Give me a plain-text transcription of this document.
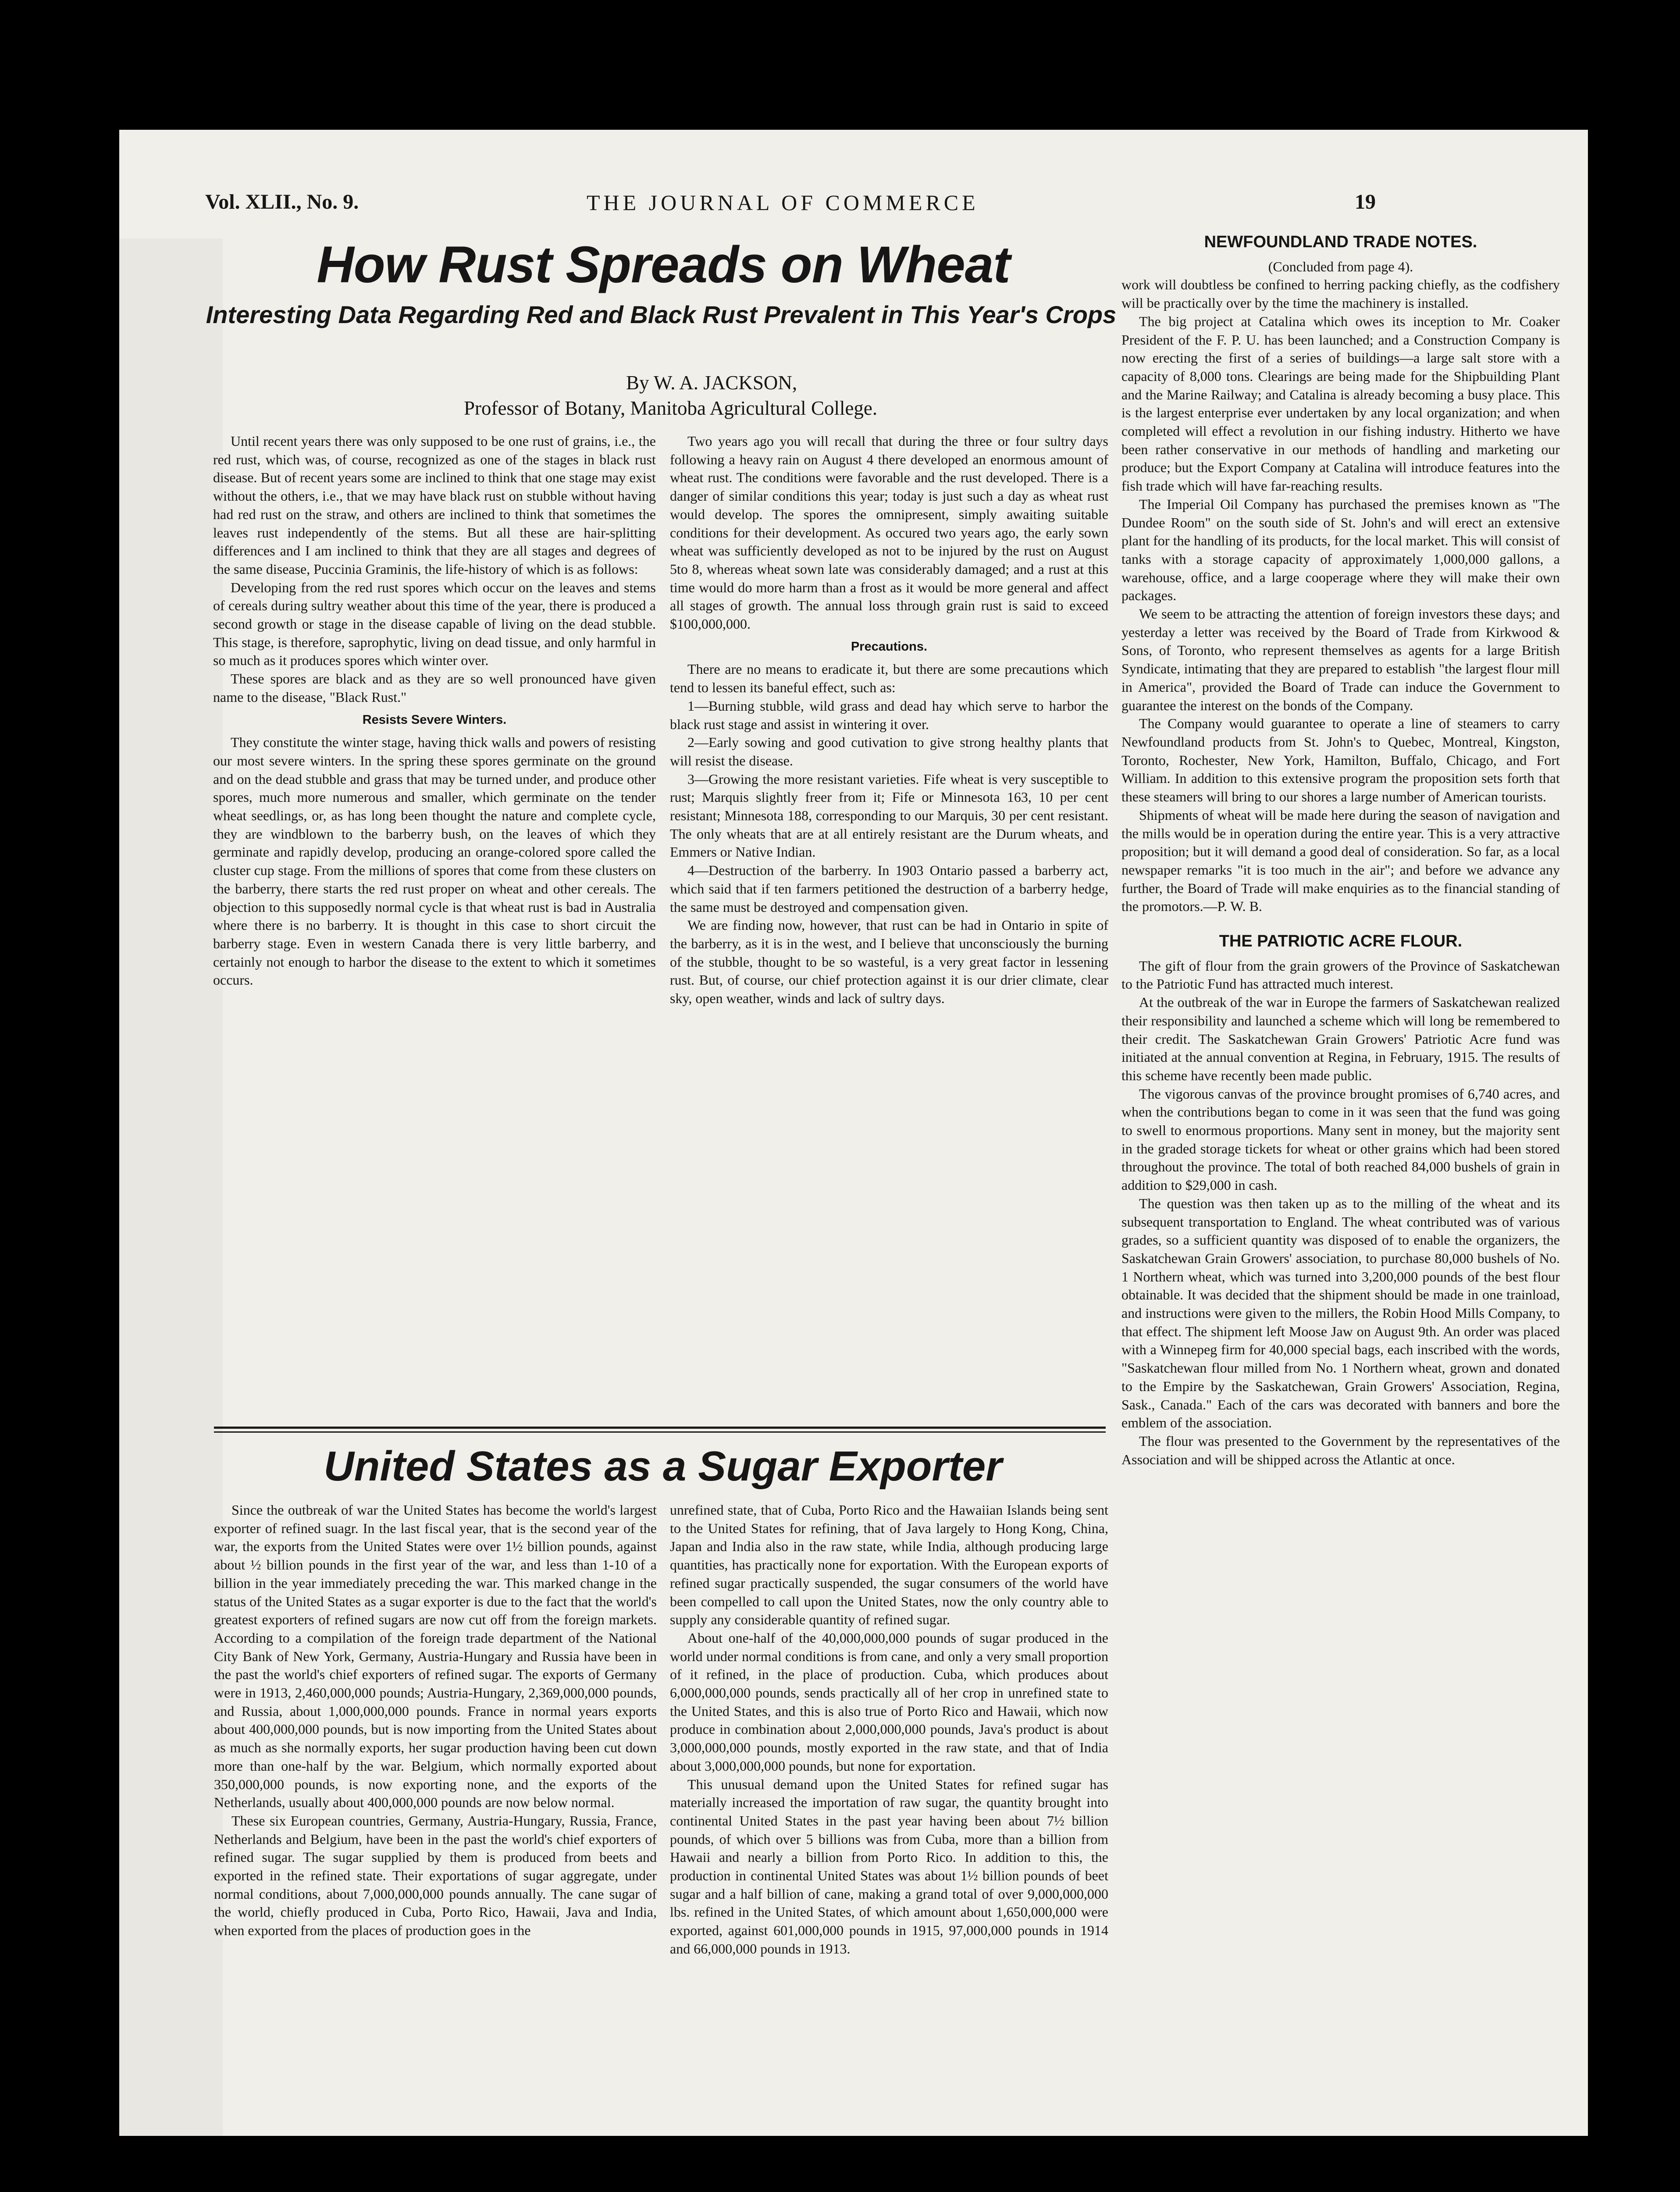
Vol. XLII., No. 9.	THE JOURNAL OF COMMERCE	19
How Rust Spreads on Wheat
Interesting Data Regarding Red and Black Rust Prevalent in This Year's Crops
By W. A. JACKSON,
Professor of Botany, Manitoba Agricultural College.

Until recent years there was only supposed to be one rust of grains, i.e., the red rust, which was, of course, recognized as one of the stages in black rust disease. But of recent years some are inclined to think that one stage may exist without the others, i.e., that we may have black rust on stubble without having had red rust on the straw, and others are inclined to think that sometimes the leaves rust independently of the stems. But all these are hair-splitting differences and I am inclined to think that they are all stages and degrees of the same disease, Puccinia Graminis, the life-history of which is as follows:

Developing from the red rust spores which occur on the leaves and stems of cereals during sultry weather about this time of the year, there is produced a second growth or stage in the disease capable of living on the dead stubble. This stage, is therefore, saprophytic, living on dead tissue, and only harmful in so much as it produces spores which winter over.

These spores are black and as they are so well pronounced have given name to the disease, "Black Rust."

Resists Severe Winters.

They constitute the winter stage, having thick walls and powers of resisting our most severe winters. In the spring these spores germinate on the ground and on the dead stubble and grass that may be turned under, and produce other spores, much more numerous and smaller, which germinate on the tender wheat seedlings, or, as has long been thought the nature and complete cycle, they are windblown to the barberry bush, on the leaves of which they germinate and rapidly develop, producing an orange-colored spore called the cluster cup stage. From the millions of spores that come from these clusters on the barberry, there starts the red rust proper on wheat and other cereals. The objection to this supposedly normal cycle is that wheat rust is bad in Australia where there is no barberry. It is thought in this case to short circuit the barberry stage. Even in western Canada there is very little barberry, and certainly not enough to harbor the disease to the extent to which it sometimes occurs.

Two years ago you will recall that during the three or four sultry days following a heavy rain on August 4 there developed an enormous amount of wheat rust. The conditions were favorable and the rust developed. There is a danger of similar conditions this year; today is just such a day as wheat rust would develop. The spores the omnipresent, simply awaiting suitable conditions for their development. As occured two years ago, the early sown wheat was sufficiently developed as not to be injured by the rust on August 5to 8, whereas wheat sown late was considerably damaged; and a rust at this time would do more harm than a frost as it would be more general and affect all stages of growth. The annual loss through grain rust is said to exceed $100,000,000.

Precautions.

There are no means to eradicate it, but there are some precautions which tend to lessen its baneful effect, such as:

1—Burning stubble, wild grass and dead hay which serve to harbor the black rust stage and assist in wintering it over.

2—Early sowing and good cutivation to give strong healthy plants that will resist the disease.

3—Growing the more resistant varieties. Fife wheat is very susceptible to rust; Marquis slightly freer from it; Fife or Minnesota 163, 10 per cent resistant; Minnesota 188, corresponding to our Marquis, 30 per cent resistant. The only wheats that are at all entirely resistant are the Durum wheats, and Emmers or Native Indian.

4—Destruction of the barberry. In 1903 Ontario passed a barberry act, which said that if ten farmers petitioned the destruction of a barberry hedge, the same must be destroyed and compensation given.

We are finding now, however, that rust can be had in Ontario in spite of the barberry, as it is in the west, and I believe that unconsciously the burning of the stubble, thought to be so wasteful, is a very great factor in lessening rust. But, of course, our chief protection against it is our drier climate, clear sky, open weather, winds and lack of sultry days.

NEWFOUNDLAND TRADE NOTES.
(Concluded from page 4).

work will doubtless be confined to herring packing chiefly, as the codfishery will be practically over by the time the machinery is installed.

The big project at Catalina which owes its inception to Mr. Coaker President of the F. P. U. has been launched; and a Construction Company is now erecting the first of a series of buildings—a large salt store with a capacity of 8,000 tons. Clearings are being made for the Shipbuilding Plant and the Marine Railway; and Catalina is already becoming a busy place. This is the largest enterprise ever undertaken by any local organization; and when completed will effect a revolution in our fishing industry. Hitherto we have been rather conservative in our methods of handling and marketing our produce; but the Export Company at Catalina will introduce features into the fish trade which will have far-reaching results.

The Imperial Oil Company has purchased the premises known as "The Dundee Room" on the south side of St. John's and will erect an extensive plant for the handling of its products, for the local market. This will consist of tanks with a storage capacity of approximately 1,000,000 gallons, a warehouse, office, and a large cooperage where they will make their own packages.

We seem to be attracting the attention of foreign investors these days; and yesterday a letter was received by the Board of Trade from Kirkwood & Sons, of Toronto, who represent themselves as agents for a large British Syndicate, intimating that they are prepared to establish "the largest flour mill in America", provided the Board of Trade can induce the Government to guarantee the interest on the bonds of the Company.

The Company would guarantee to operate a line of steamers to carry Newfoundland products from St. John's to Quebec, Montreal, Kingston, Toronto, Rochester, New York, Hamilton, Buffalo, Chicago, and Fort William. In addition to this extensive program the proposition sets forth that these steamers will bring to our shores a large number of American tourists.

Shipments of wheat will be made here during the season of navigation and the mills would be in operation during the entire year. This is a very attractive proposition; but it will demand a good deal of consideration. So far, as a local newspaper remarks "it is too much in the air"; and before we advance any further, the Board of Trade will make enquiries as to the financial standing of the promotors.—P. W. B.

THE PATRIOTIC ACRE FLOUR.

The gift of flour from the grain growers of the Province of Saskatchewan to the Patriotic Fund has attracted much interest.

At the outbreak of the war in Europe the farmers of Saskatchewan realized their responsibility and launched a scheme which will long be remembered to their credit. The Saskatchewan Grain Growers' Patriotic Acre fund was initiated at the annual convention at Regina, in February, 1915. The results of this scheme have recently been made public.

The vigorous canvas of the province brought promises of 6,740 acres, and when the contributions began to come in it was seen that the fund was going to swell to enormous proportions. Many sent in money, but the majority sent in the graded storage tickets for wheat or other grains which had been stored throughout the province. The total of both reached 84,000 bushels of grain in addition to $29,000 in cash.

The question was then taken up as to the milling of the wheat and its subsequent transportation to England. The wheat contributed was of various grades, so a sufficient quantity was disposed of to enable the organizers, the Saskatchewan Grain Growers' association, to purchase 80,000 bushels of No. 1 Northern wheat, which was turned into 3,200,000 pounds of the best flour obtainable. It was decided that the shipment should be made in one trainload, and instructions were given to the millers, the Robin Hood Mills Company, to that effect. The shipment left Moose Jaw on August 9th. An order was placed with a Winnepeg firm for 40,000 special bags, each inscribed with the words, "Saskatchewan flour milled from No. 1 Northern wheat, grown and donated to the Empire by the Saskatchewan, Grain Growers' Association, Regina, Sask., Canada." Each of the cars was decorated with banners and bore the emblem of the association.

The flour was presented to the Government by the representatives of the Association and will be shipped across the Atlantic at once.

United States as a Sugar Exporter

Since the outbreak of war the United States has become the world's largest exporter of refined suagr. In the last fiscal year, that is the second year of the war, the exports from the United States were over 1½ billion pounds, against about ½ billion pounds in the first year of the war, and less than 1-10 of a billion in the year immediately preceding the war. This marked change in the status of the United States as a sugar exporter is due to the fact that the world's greatest exporters of refined sugars are now cut off from the foreign markets. According to a compilation of the foreign trade department of the National City Bank of New York, Germany, Austria-Hungary and Russia have been in the past the world's chief exporters of refined sugar. The exports of Germany were in 1913, 2,460,000,000 pounds; Austria-Hungary, 2,369,000,000 pounds, and Russia, about 1,000,000,000 pounds. France in normal years exports about 400,000,000 pounds, but is now importing from the United States about as much as she normally exports, her sugar production having been cut down more than one-half by the war. Belgium, which normally exported about 350,000,000 pounds, is now exporting none, and the exports of the Netherlands, usually about 400,000,000 pounds are now below normal.

These six European countries, Germany, Austria-Hungary, Russia, France, Netherlands and Belgium, have been in the past the world's chief exporters of refined sugar. The sugar supplied by them is produced from beets and exported in the refined state. Their exportations of sugar aggregate, under normal conditions, about 7,000,000,000 pounds annually. The cane sugar of the world, chiefly produced in Cuba, Porto Rico, Hawaii, Java and India, when exported from the places of production goes in the

unrefined state, that of Cuba, Porto Rico and the Hawaiian Islands being sent to the United States for refining, that of Java largely to Hong Kong, China, Japan and India also in the raw state, while India, although producing large quantities, has practically none for exportation. With the European exports of refined sugar practically suspended, the sugar consumers of the world have been compelled to call upon the United States, now the only country able to supply any considerable quantity of refined sugar.

About one-half of the 40,000,000,000 pounds of sugar produced in the world under normal conditions is from cane, and only a very small proportion of it refined, in the place of production. Cuba, which produces about 6,000,000,000 pounds, sends practically all of her crop in unrefined state to the United States, and this is also true of Porto Rico and Hawaii, which now produce in combination about 2,000,000,000 pounds, Java's product is about 3,000,000,000 pounds, mostly exported in the raw state, and that of India about 3,000,000,000 pounds, but none for exportation.

This unusual demand upon the United States for refined sugar has materially increased the importation of raw sugar, the quantity brought into continental United States in the past year having been about 7½ billion pounds, of which over 5 billions was from Cuba, more than a billion from Hawaii and nearly a billion from Porto Rico. In addition to this, the production in continental United States was about 1½ billion pounds of beet sugar and a half billion of cane, making a grand total of over 9,000,000,000 lbs. refined in the United States, of which amount about 1,650,000,000 were exported, against 601,000,000 pounds in 1915, 97,000,000 pounds in 1914 and 66,000,000 pounds in 1913.
